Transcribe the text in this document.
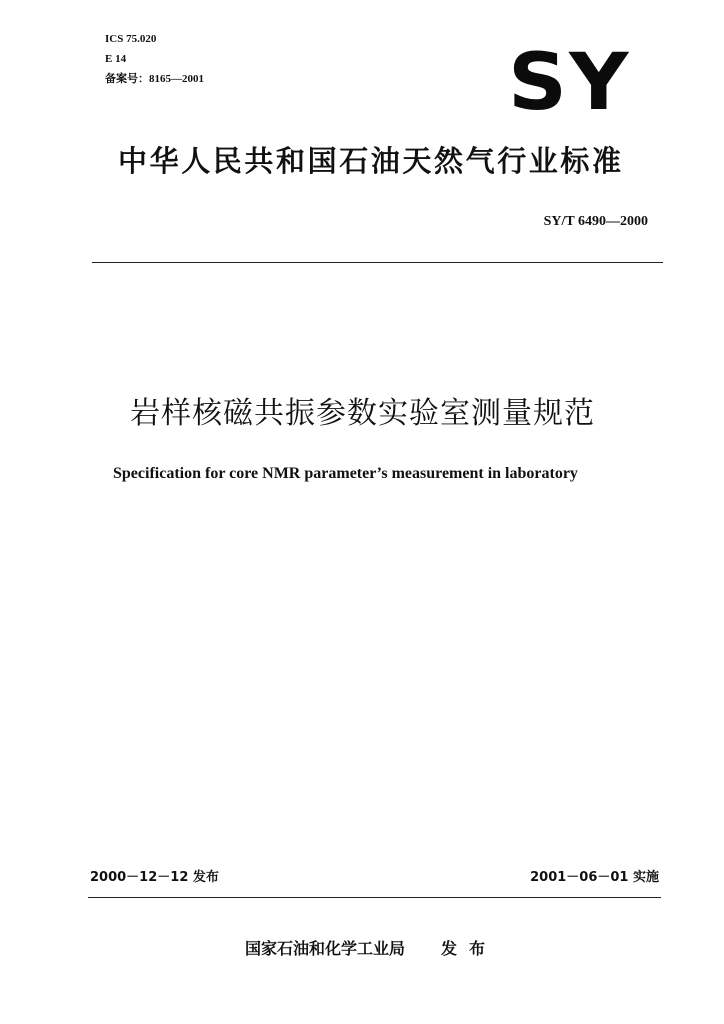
ICS 75.020
E 14
备案号：8165—2001	SY
中华人民共和国石油天然气行业标准
SY/T 6490—2000
岩样核磁共振参数实验室测量规范
Specification for core NMR parameter’s measurement in laboratory
2000－12－12 发布	2001－06－01 实施
国家石油和化学工业局 发布
